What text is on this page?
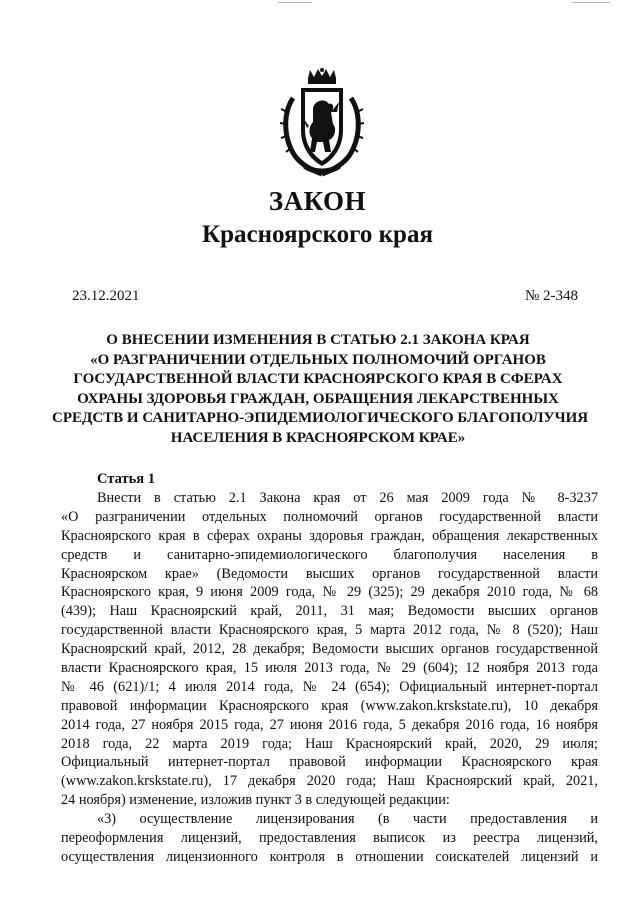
ЗАКОН
Красноярского края
23.12.2021	№ 2-348
О ВНЕСЕНИИ ИЗМЕНЕНИЯ В СТАТЬЮ 2.1 ЗАКОНА КРАЯ
«О РАЗГРАНИЧЕНИИ ОТДЕЛЬНЫХ ПОЛНОМОЧИЙ ОРГАНОВ
ГОСУДАРСТВЕННОЙ ВЛАСТИ КРАСНОЯРСКОГО КРАЯ В СФЕРАХ
ОХРАНЫ ЗДОРОВЬЯ ГРАЖДАН, ОБРАЩЕНИЯ ЛЕКАРСТВЕННЫХ
СРЕДСТВ И САНИТАРНО-ЭПИДЕМИОЛОГИЧЕСКОГО БЛАГОПОЛУЧИЯ
НАСЕЛЕНИЯ В КРАСНОЯРСКОМ КРАЕ»
Статья 1
Внести в статью 2.1 Закона края от 26 мая 2009 года № 8-3237
«О разграничении отдельных полномочий органов государственной власти
Красноярского края в сферах охраны здоровья граждан, обращения лекарственных
средств и санитарно-эпидемиологического благополучия населения в
Красноярском крае» (Ведомости высших органов государственной власти
Красноярского края, 9 июня 2009 года, № 29 (325); 29 декабря 2010 года, № 68
(439); Наш Красноярский край, 2011, 31 мая; Ведомости высших органов
государственной власти Красноярского края, 5 марта 2012 года, № 8 (520); Наш
Красноярский край, 2012, 28 декабря; Ведомости высших органов государственной
власти Красноярского края, 15 июля 2013 года, № 29 (604); 12 ноября 2013 года
№ 46 (621)/1; 4 июля 2014 года, № 24 (654); Официальный интернет-портал
правовой информации Красноярского края (www.zakon.krskstate.ru), 10 декабря
2014 года, 27 ноября 2015 года, 27 июня 2016 года, 5 декабря 2016 года, 16 ноября
2018 года, 22 марта 2019 года; Наш Красноярский край, 2020, 29 июля;
Официальный интернет-портал правовой информации Красноярского края
(www.zakon.krskstate.ru), 17 декабря 2020 года; Наш Красноярский край, 2021,
24 ноября) изменение, изложив пункт 3 в следующей редакции:
«3) осуществление лицензирования (в части предоставления и
переоформления лицензий, предоставления выписок из реестра лицензий,
осуществления лицензионного контроля в отношении соискателей лицензий и
